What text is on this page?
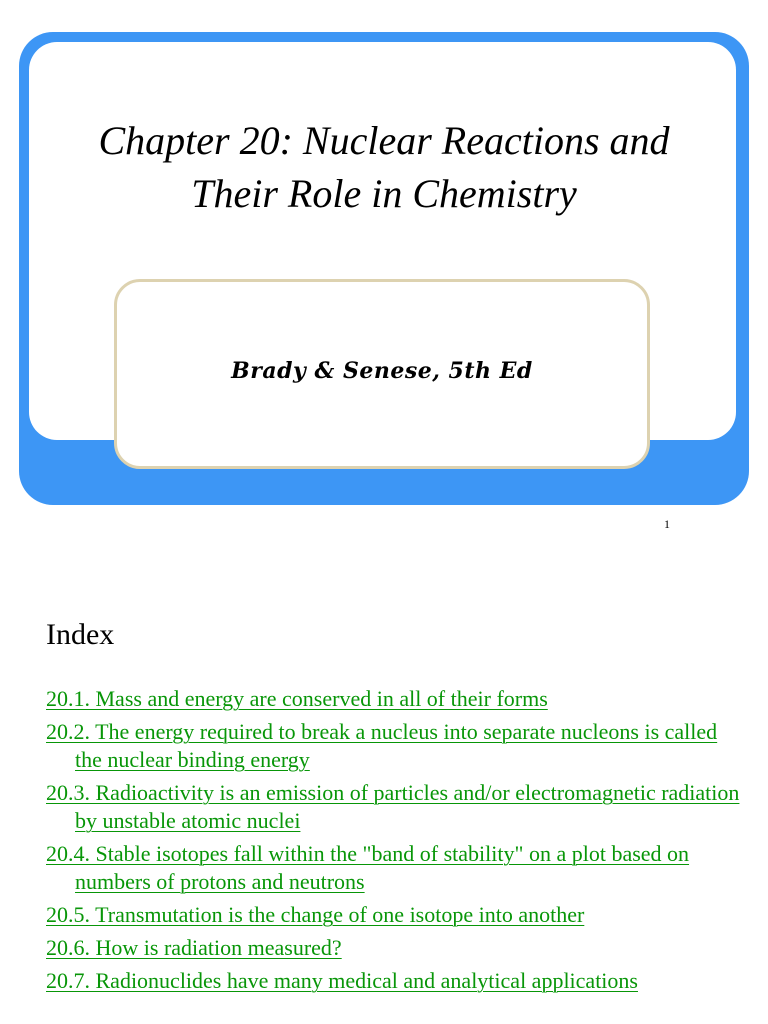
Chapter 20: Nuclear Reactions and
Their Role in Chemistry
Brady & Senese, 5th Ed
1
Index
20.1. Mass and energy are conserved in all of their forms
20.2. The energy required to break a nucleus into separate nucleons is called the nuclear binding energy
20.3. Radioactivity is an emission of particles and/or electromagnetic radiation by unstable atomic nuclei
20.4. Stable isotopes fall within the "band of stability" on a plot based on numbers of protons and neutrons
20.5. Transmutation is the change of one isotope into another
20.6. How is radiation measured?
20.7. Radionuclides have many medical and analytical applications
